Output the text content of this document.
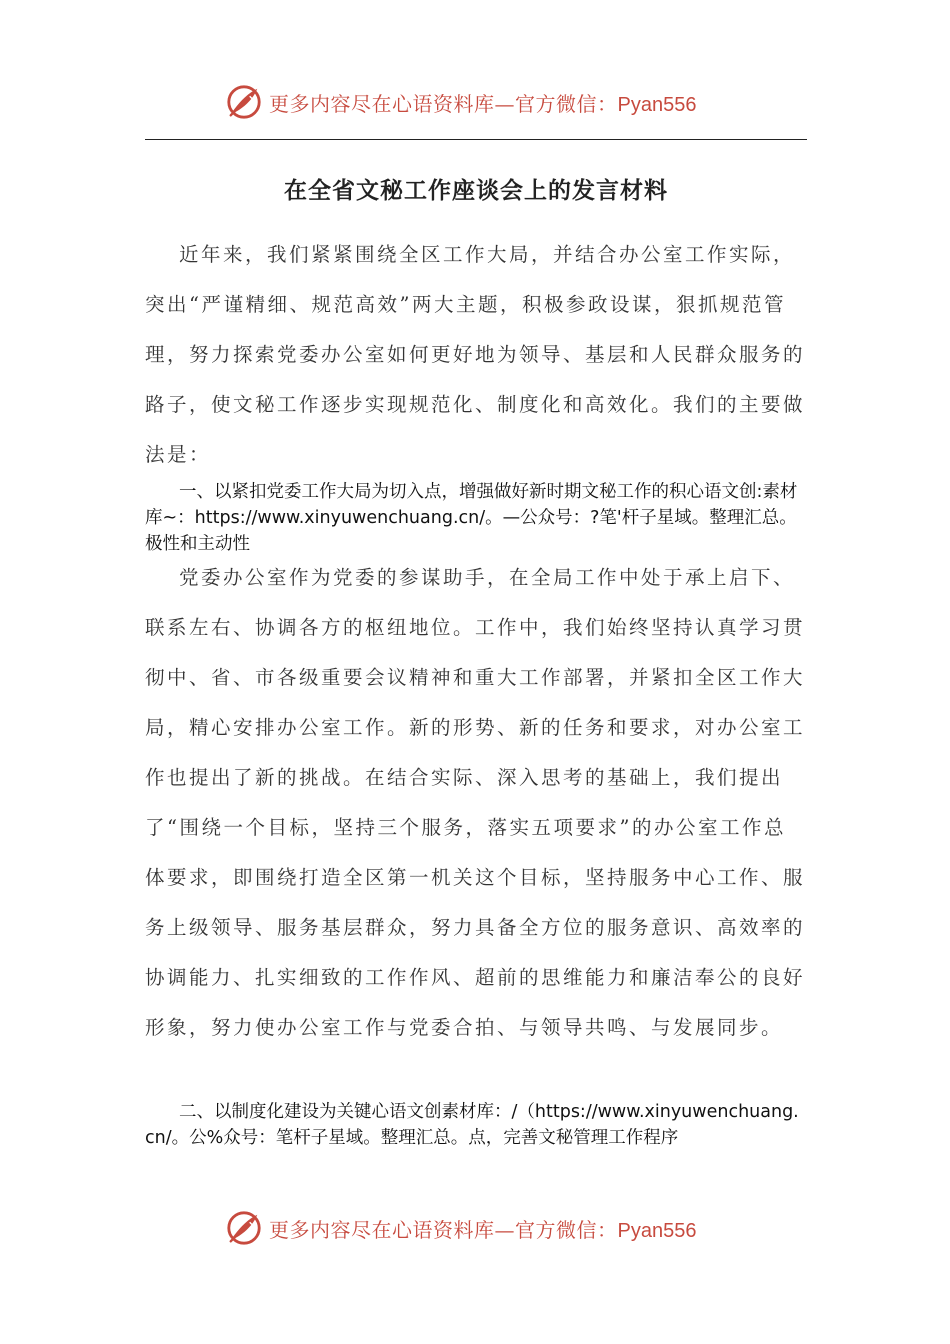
更多内容尽在心语资料库—官方微信：Pyan556
在全省文秘工作座谈会上的发言材料

近年来，我们紧紧围绕全区工作大局，并结合办公室工作实际，突出“严谨精细、规范高效”两大主题，积极参政设谋，狠抓规范管理，努力探索党委办公室如何更好地为领导、基层和人民群众服务的路子，使文秘工作逐步实现规范化、制度化和高效化。我们的主要做法是：

一、以紧扣党委工作大局为切入点，增强做好新时期文秘工作的积心语文创:素材库~：https://www.xinyuwenchuang.cn/。—公众号：?笔'杆子星域。整理汇总。极性和主动性

党委办公室作为党委的参谋助手，在全局工作中处于承上启下、联系左右、协调各方的枢纽地位。工作中，我们始终坚持认真学习贯彻中、省、市各级重要会议精神和重大工作部署，并紧扣全区工作大局，精心安排办公室工作。新的形势、新的任务和要求，对办公室工作也提出了新的挑战。在结合实际、深入思考的基础上，我们提出了“围绕一个目标，坚持三个服务，落实五项要求”的办公室工作总体要求，即围绕打造全区第一机关这个目标，坚持服务中心工作、服务上级领导、服务基层群众，努力具备全方位的服务意识、高效率的协调能力、扎实细致的工作作风、超前的思维能力和廉洁奉公的良好形象，努力使办公室工作与党委合拍、与领导共鸣、与发展同步。

二、以制度化建设为关键心语文创素材库：/（https://www.xinyuwenchuang.cn/。公%众号：笔杆子星域。整理汇总。点，完善文秘管理工作程序

更多内容尽在心语资料库—官方微信：Pyan556
